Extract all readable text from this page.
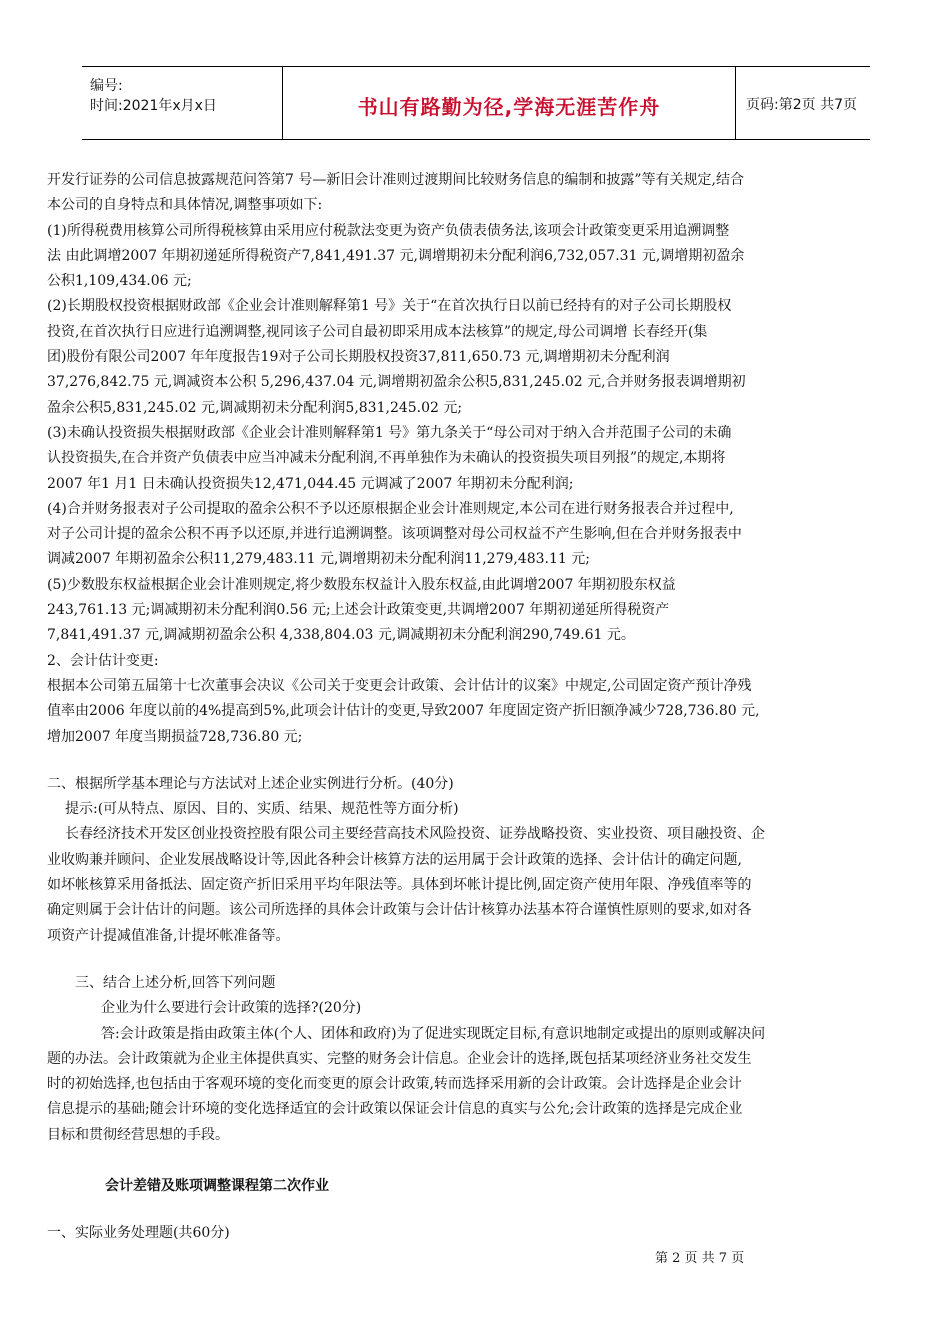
编号:
时间:2021年x月x日	书山有路勤为径,学海无涯苦作舟	页码:第2页 共7页

开发行证券的公司信息披露规范问答第7 号—新旧会计准则过渡期间比较财务信息的编制和披露”等有关规定,结合

本公司的自身特点和具体情况,调整事项如下:

(1)所得税费用核算公司所得税核算由采用应付税款法变更为资产负债表债务法,该项会计政策变更采用追溯调整

法 由此调增2007 年期初递延所得税资产7,841,491.37 元,调增期初未分配利润6,732,057.31 元,调增期初盈余

公积1,109,434.06 元;

(2)长期股权投资根据财政部《企业会计准则解释第1 号》关于“在首次执行日以前已经持有的对子公司长期股权

投资,在首次执行日应进行追溯调整,视同该子公司自最初即采用成本法核算”的规定,母公司调增 长春经开(集

团)股份有限公司2007 年年度报告19对子公司长期股权投资37,811,650.73 元,调增期初未分配利润

37,276,842.75 元,调减资本公积 5,296,437.04 元,调增期初盈余公积5,831,245.02 元,合并财务报表调增期初

盈余公积5,831,245.02 元,调减期初未分配利润5,831,245.02 元;

(3)未确认投资损失根据财政部《企业会计准则解释第1 号》第九条关于“母公司对于纳入合并范围子公司的未确

认投资损失,在合并资产负债表中应当冲减未分配利润,不再单独作为未确认的投资损失项目列报”的规定,本期将

2007 年1 月1 日未确认投资损失12,471,044.45 元调减了2007 年期初未分配利润;

(4)合并财务报表对子公司提取的盈余公积不予以还原根据企业会计准则规定,本公司在进行财务报表合并过程中,

对子公司计提的盈余公积不再予以还原,并进行追溯调整。该项调整对母公司权益不产生影响,但在合并财务报表中

调减2007 年期初盈余公积11,279,483.11 元,调增期初未分配利润11,279,483.11 元;

(5)少数股东权益根据企业会计准则规定,将少数股东权益计入股东权益,由此调增2007 年期初股东权益

243,761.13 元;调减期初未分配利润0.56 元;上述会计政策变更,共调增2007 年期初递延所得税资产

7,841,491.37 元,调减期初盈余公积 4,338,804.03 元,调减期初未分配利润290,749.61 元。

2、会计估计变更:

根据本公司第五届第十七次董事会决议《公司关于变更会计政策、会计估计的议案》中规定,公司固定资产预计净残

值率由2006 年度以前的4%提高到5%,此项会计估计的变更,导致2007 年度固定资产折旧额净减少728,736.80 元,

增加2007 年度当期损益728,736.80 元;

二、根据所学基本理论与方法试对上述企业实例进行分析。(40分)

提示:(可从特点、原因、目的、实质、结果、规范性等方面分析)

长春经济技术开发区创业投资控股有限公司主要经营高技术风险投资、证券战略投资、实业投资、项目融投资、企

业收购兼并顾问、企业发展战略设计等,因此各种会计核算方法的运用属于会计政策的选择、会计估计的确定问题,

如坏帐核算采用备抵法、固定资产折旧采用平均年限法等。具体到坏帐计提比例,固定资产使用年限、净残值率等的

确定则属于会计估计的问题。该公司所选择的具体会计政策与会计估计核算办法基本符合谨慎性原则的要求,如对各

项资产计提减值准备,计提坏帐准备等。

三、结合上述分析,回答下列问题

企业为什么要进行会计政策的选择?(20分)

答:会计政策是指由政策主体(个人、团体和政府)为了促进实现既定目标,有意识地制定或提出的原则或解决问

题的办法。会计政策就为企业主体提供真实、完整的财务会计信息。企业会计的选择,既包括某项经济业务社交发生

时的初始选择,也包括由于客观环境的变化而变更的原会计政策,转而选择采用新的会计政策。会计选择是企业会计

信息提示的基础;随会计环境的变化选择适宜的会计政策以保证会计信息的真实与公允;会计政策的选择是完成企业

目标和贯彻经营思想的手段。

会计差错及账项调整课程第二次作业

一、实际业务处理题(共60分)

第 2 页 共 7 页
